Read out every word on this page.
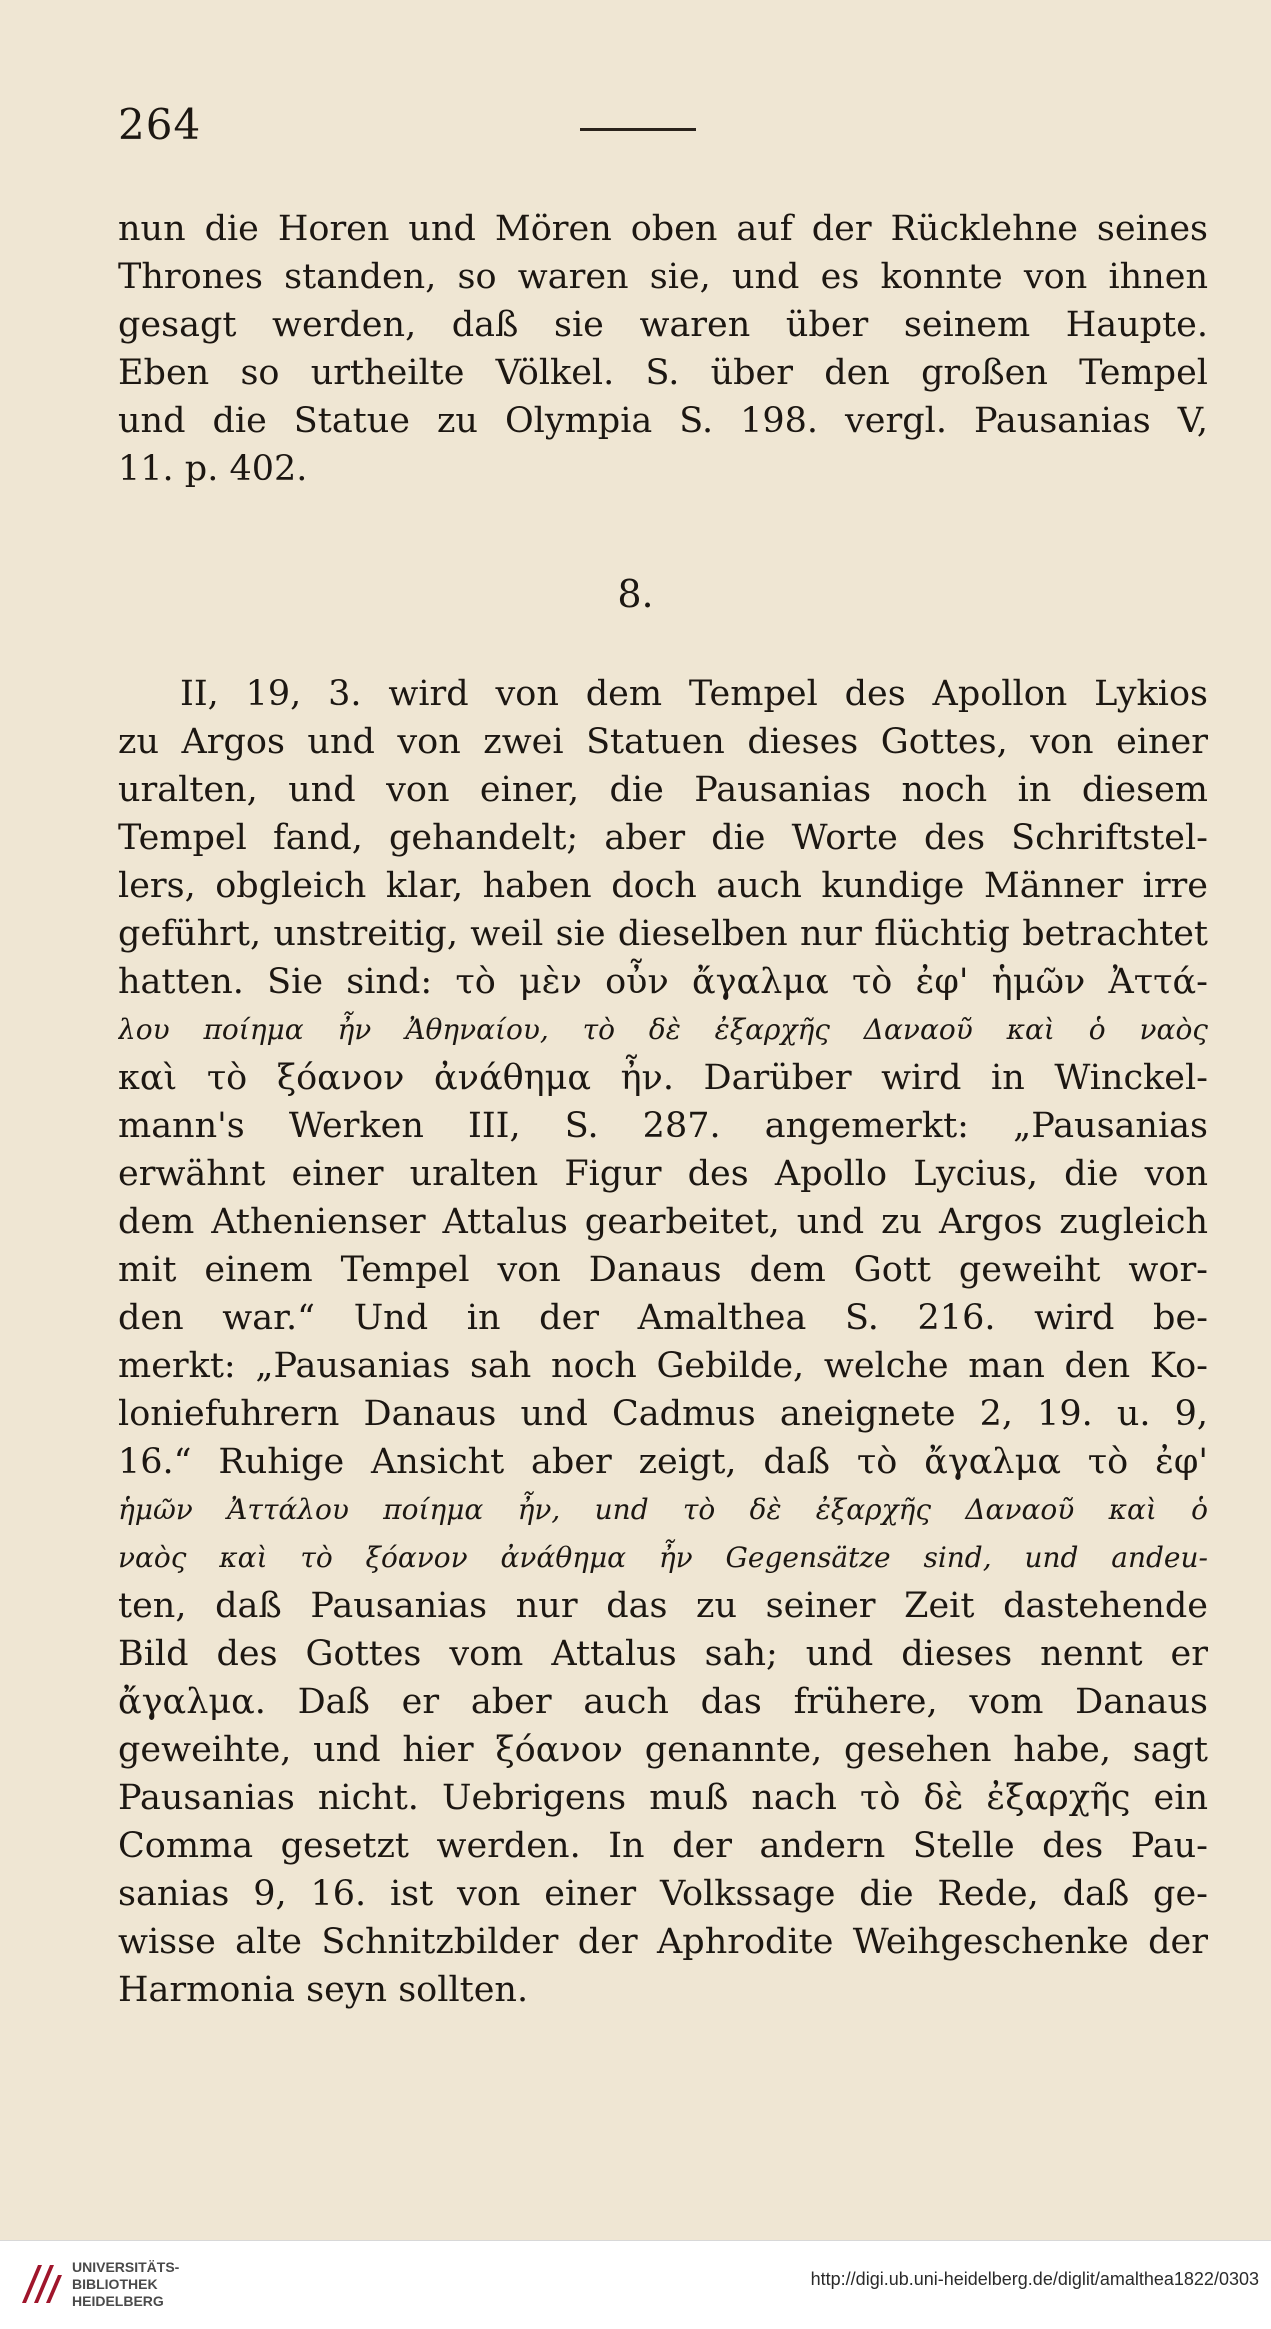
264
nun die Horen und Mören oben auf der Rücklehne seines
Thrones standen, so waren sie, und es konnte von ihnen
gesagt werden, daß sie waren über seinem Haupte.
Eben so urtheilte Völkel. S. über den großen Tempel
und die Statue zu Olympia S. 198. vergl. Pausanias V,
11. p. 402.
8.
II, 19, 3. wird von dem Tempel des Apollon Lykios
zu Argos und von zwei Statuen dieses Gottes, von einer
uralten, und von einer, die Pausanias noch in diesem
Tempel fand, gehandelt; aber die Worte des Schriftstel-
lers, obgleich klar, haben doch auch kundige Männer irre
geführt, unstreitig, weil sie dieselben nur flüchtig betrachtet
hatten. Sie sind: τὸ μὲν οὖν ἄγαλμα τὸ ἐφ' ἡμῶν Ἀττά-
λου ποίημα ἦν Ἀθηναίου, τὸ δὲ ἐξαρχῆς Δαναοῦ καὶ ὁ ναὸς
καὶ τὸ ξόανον ἀνάθημα ἦν. Darüber wird in Winckel-
mann's Werken III, S. 287. angemerkt: „Pausanias
erwähnt einer uralten Figur des Apollo Lycius, die von
dem Athenienser Attalus gearbeitet, und zu Argos zugleich
mit einem Tempel von Danaus dem Gott geweiht wor-
den war.“ Und in der Amalthea S. 216. wird be-
merkt: „Pausanias sah noch Gebilde, welche man den Ko-
loniefuhrern Danaus und Cadmus aneignete 2, 19. u. 9,
16.“ Ruhige Ansicht aber zeigt, daß τὸ ἄγαλμα τὸ ἐφ'
ἡμῶν Ἀττάλου ποίημα ἦν, und τὸ δὲ ἐξαρχῆς Δαναοῦ καὶ ὁ
ναὸς καὶ τὸ ξόανον ἀνάθημα ἦν Gegensätze sind, und andeu-
ten, daß Pausanias nur das zu seiner Zeit dastehende
Bild des Gottes vom Attalus sah; und dieses nennt er
ἄγαλμα. Daß er aber auch das frühere, vom Danaus
geweihte, und hier ξόανον genannte, gesehen habe, sagt
Pausanias nicht. Uebrigens muß nach τὸ δὲ ἐξαρχῆς ein
Comma gesetzt werden. In der andern Stelle des Pau-
sanias 9, 16. ist von einer Volkssage die Rede, daß ge-
wisse alte Schnitzbilder der Aphrodite Weihgeschenke der
Harmonia seyn sollten.
UNIVERSITÄTS-
BIBLIOTHEK
HEIDELBERG
http://digi.ub.uni-heidelberg.de/diglit/amalthea1822/0303
